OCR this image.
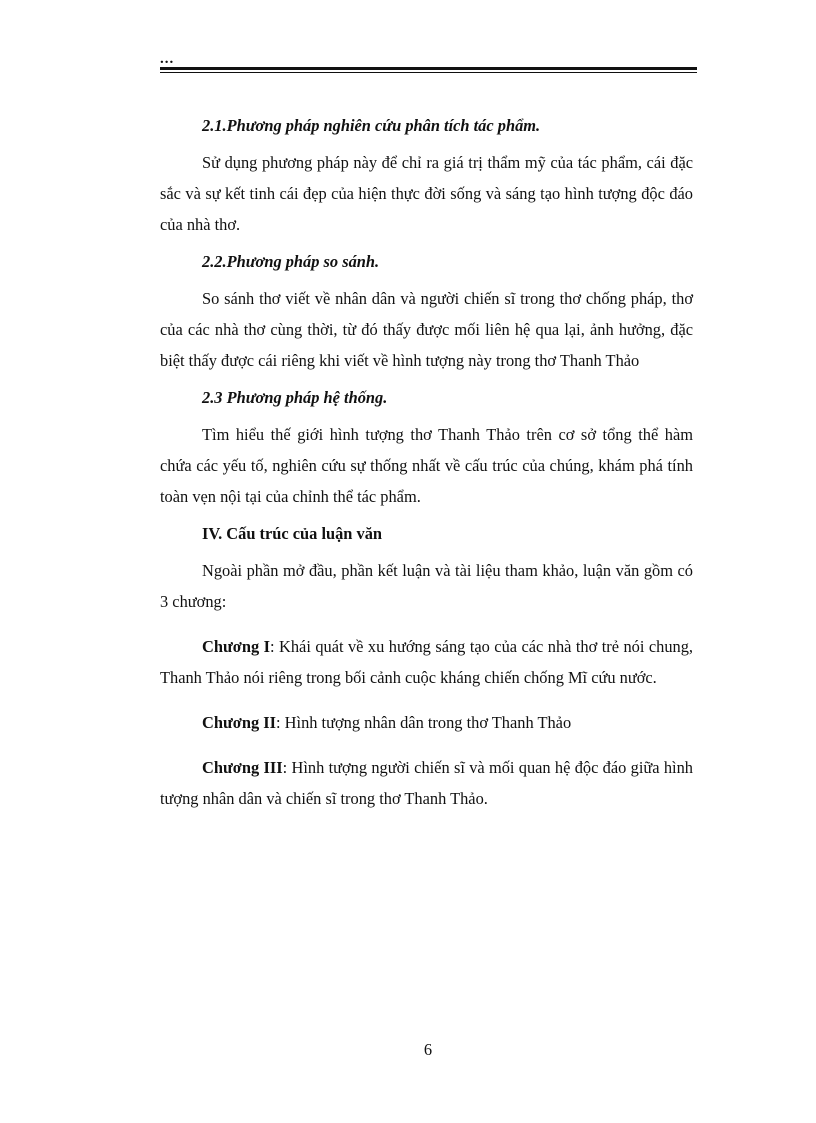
...

2.1.Phương pháp nghiên cứu phân tích tác phẩm.

Sử dụng phương pháp này để chỉ ra giá trị thẩm mỹ của tác phẩm, cái đặc sắc và sự kết tinh cái đẹp của hiện thực đời sống và sáng tạo hình tượng độc đáo của nhà thơ.

2.2.Phương pháp so sánh.

So sánh thơ viết về nhân dân và người chiến sĩ trong thơ chống pháp, thơ của các nhà thơ cùng thời, từ đó thấy được mối liên hệ qua lại, ảnh hưởng, đặc biệt thấy được cái riêng khi viết về hình tượng này trong thơ Thanh Thảo

2.3 Phương pháp hệ thống.

Tìm hiểu thế giới hình tượng thơ Thanh Thảo trên cơ sở tổng thể hàm chứa các yếu tố, nghiên cứu sự thống nhất về cấu trúc của chúng, khám phá tính toàn vẹn nội tại của chỉnh thể tác phẩm.

IV. Cấu trúc của luận văn

Ngoài phần mở đầu, phần kết luận và tài liệu tham khảo, luận văn gồm có 3 chương:

Chương I: Khái quát về xu hướng sáng tạo của các nhà thơ trẻ nói chung, Thanh Thảo nói riêng trong bối cảnh cuộc kháng chiến chống Mĩ cứu nước.

Chương II: Hình tượng nhân dân trong thơ Thanh Thảo

Chương III: Hình tượng người chiến sĩ và mối quan hệ độc đáo giữa hình tượng nhân dân và chiến sĩ trong thơ Thanh Thảo.

6
